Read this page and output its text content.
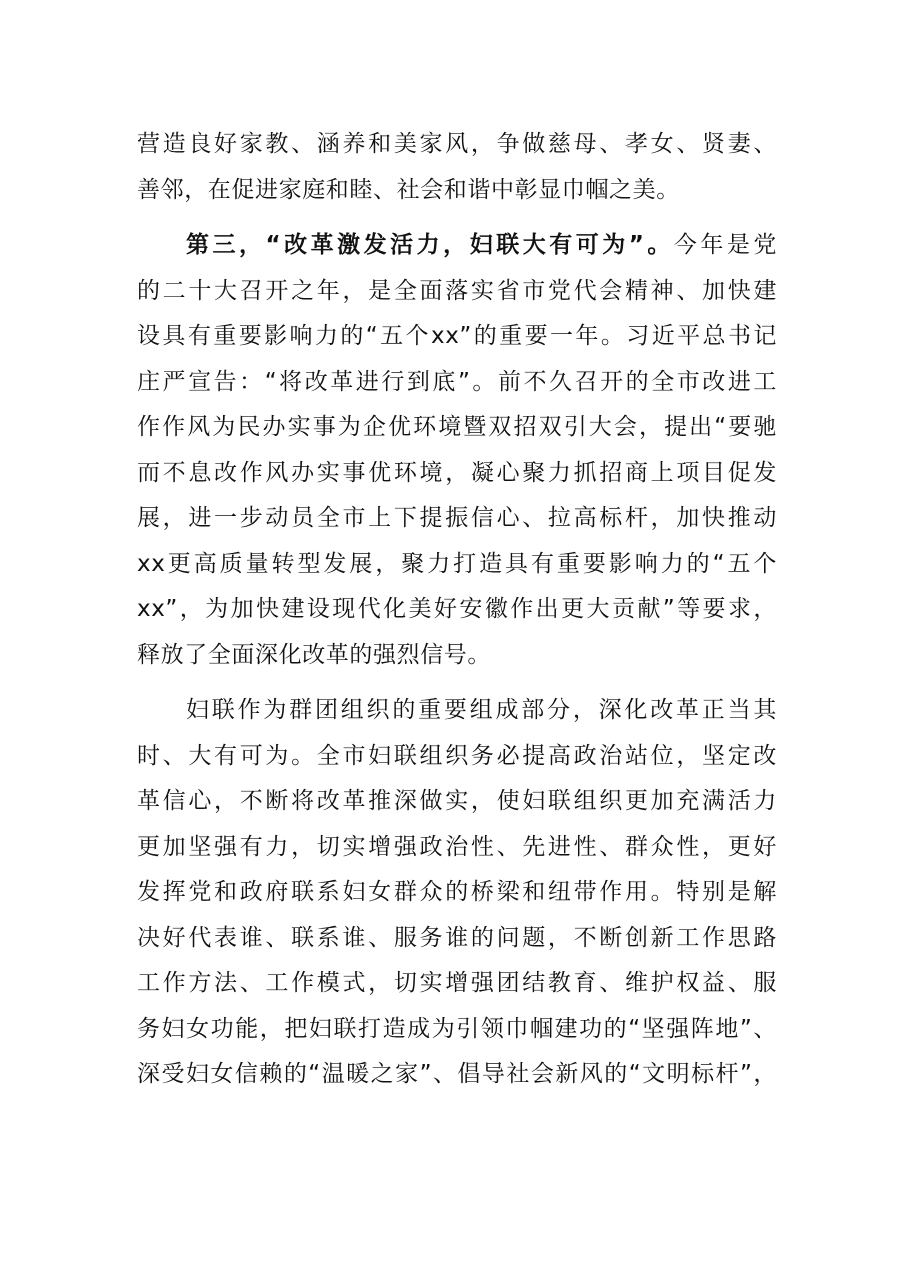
营造良好家教、涵养和美家风，争做慈母、孝女、贤妻、
善邻，在促进家庭和睦、社会和谐中彰显巾帼之美。
第三，“改革激发活力，妇联大有可为”。今年是党
的二十大召开之年，是全面落实省市党代会精神、加快建
设具有重要影响力的“五个xx”的重要一年。习近平总书记
庄严宣告：“将改革进行到底”。前不久召开的全市改进工
作作风为民办实事为企优环境暨双招双引大会，提出“要驰
而不息改作风办实事优环境，凝心聚力抓招商上项目促发
展，进一步动员全市上下提振信心、拉高标杆，加快推动
xx更高质量转型发展，聚力打造具有重要影响力的“五个
xx”，为加快建设现代化美好安徽作出更大贡献”等要求，
释放了全面深化改革的强烈信号。
妇联作为群团组织的重要组成部分，深化改革正当其
时、大有可为。全市妇联组织务必提高政治站位，坚定改
革信心，不断将改革推深做实，使妇联组织更加充满活力
更加坚强有力，切实增强政治性、先进性、群众性，更好
发挥党和政府联系妇女群众的桥梁和纽带作用。特别是解
决好代表谁、联系谁、服务谁的问题，不断创新工作思路
工作方法、工作模式，切实增强团结教育、维护权益、服
务妇女功能，把妇联打造成为引领巾帼建功的“坚强阵地”、
深受妇女信赖的“温暖之家”、倡导社会新风的“文明标杆”，
